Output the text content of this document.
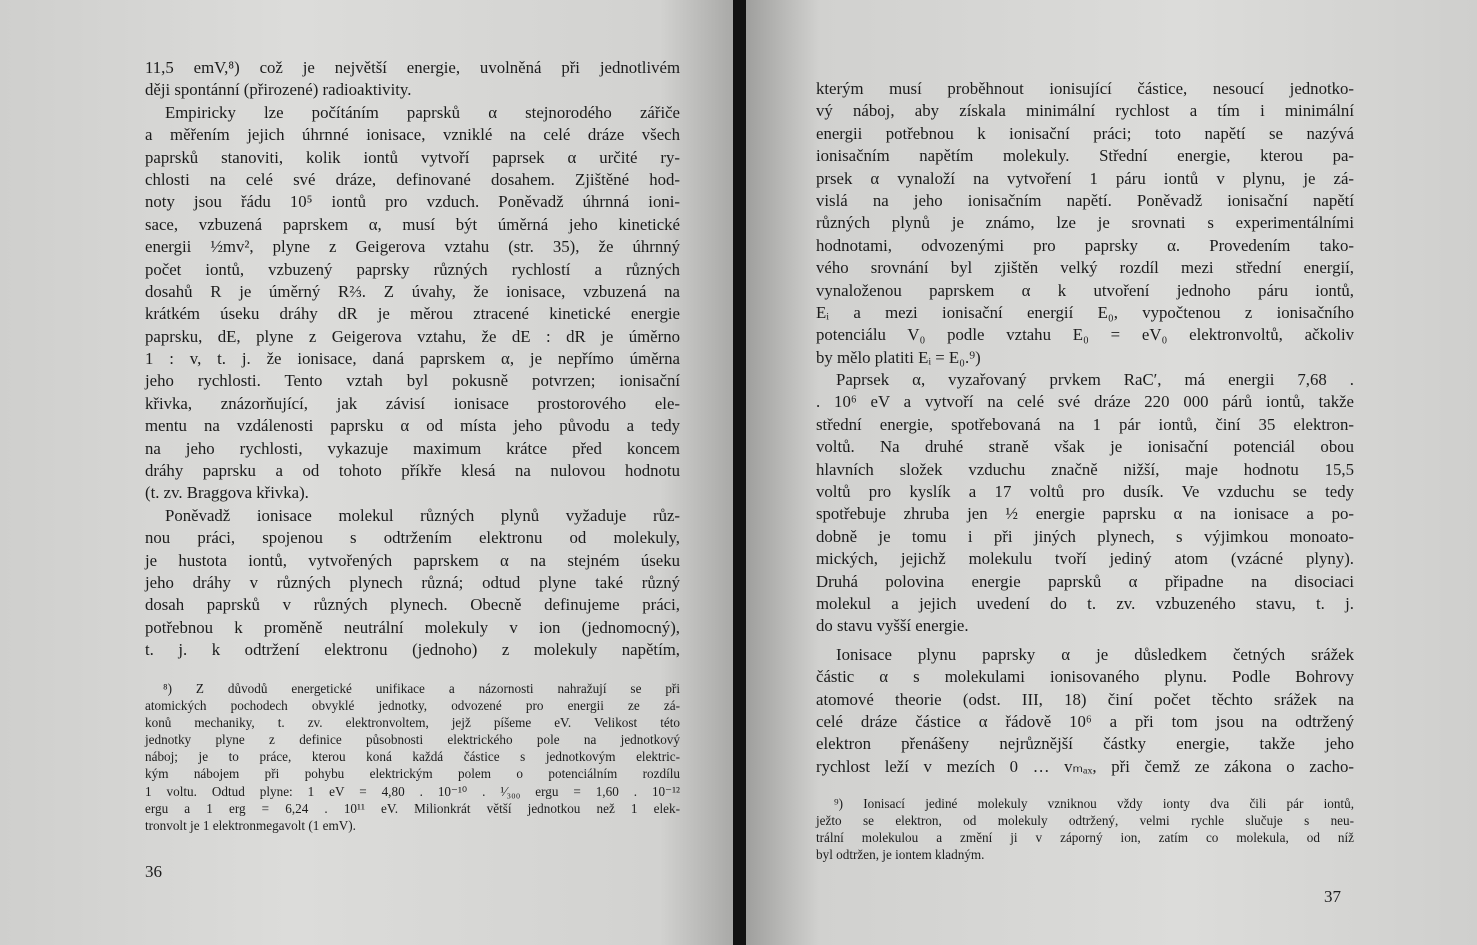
11,5 emV,⁸) což je největší energie, uvolněná při jednotlivém
ději spontánní (přirozené) radioaktivity.
Empiricky lze počítáním paprsků α stejnorodého zářiče
a měřením jejich úhrnné ionisace, vzniklé na celé dráze všech
paprsků stanoviti, kolik iontů vytvoří paprsek α určité ry-
chlosti na celé své dráze, definované dosahem. Zjištěné hod-
noty jsou řádu 10⁵ iontů pro vzduch. Poněvadž úhrnná ioni-
sace, vzbuzená paprskem α, musí být úměrná jeho kinetické
energii ½mv², plyne z Geigerova vztahu (str. 35), že úhrnný
počet iontů, vzbuzený paprsky různých rychlostí a různých
dosahů R je úměrný R⅔. Z úvahy, že ionisace, vzbuzená na
krátkém úseku dráhy dR je měrou ztracené kinetické energie
paprsku, dE, plyne z Geigerova vztahu, že dE : dR je úměrno
1 : v, t. j. že ionisace, daná paprskem α, je nepřímo úměrna
jeho rychlosti. Tento vztah byl pokusně potvrzen; ionisační
křivka, znázorňující, jak závisí ionisace prostorového ele-
mentu na vzdálenosti paprsku α od místa jeho původu a tedy
na jeho rychlosti, vykazuje maximum krátce před koncem
dráhy paprsku a od tohoto příkře klesá na nulovou hodnotu
(t. zv. Braggova křivka).
Poněvadž ionisace molekul různých plynů vyžaduje růz-
nou práci, spojenou s odtržením elektronu od molekuly,
je hustota iontů, vytvořených paprskem α na stejném úseku
jeho dráhy v různých plynech různá; odtud plyne také různý
dosah paprsků v různých plynech. Obecně definujeme práci,
potřebnou k proměně neutrální molekuly v ion (jednomocný),
t. j. k odtržení elektronu (jednoho) z molekuly napětím,
⁸) Z důvodů energetické unifikace a názornosti nahražují se při
atomických pochodech obvyklé jednotky, odvozené pro energii ze zá-
konů mechaniky, t. zv. elektronvoltem, jejž píšeme eV. Velikost této
jednotky plyne z definice působnosti elektrického pole na jednotkový
náboj; je to práce, kterou koná každá částice s jednotkovým elektric-
kým nábojem při pohybu elektrickým polem o potenciálním rozdílu
1 voltu. Odtud plyne: 1 eV = 4,80 . 10⁻¹⁰ . ¹⁄₃₀₀ ergu = 1,60 . 10⁻¹²
ergu a 1 erg = 6,24 . 10¹¹ eV. Milionkrát větší jednotkou než 1 elek-
tronvolt je 1 elektronmegavolt (1 emV).
36
kterým musí proběhnout ionisující částice, nesoucí jednotko-
vý náboj, aby získala minimální rychlost a tím i minimální
energii potřebnou k ionisační práci; toto napětí se nazývá
ionisačním napětím molekuly. Střední energie, kterou pa-
prsek α vynaloží na vytvoření 1 páru iontů v plynu, je zá-
vislá na jeho ionisačním napětí. Poněvadž ionisační napětí
různých plynů je známo, lze je srovnati s experimentálními
hodnotami, odvozenými pro paprsky α. Provedením tako-
vého srovnání byl zjištěn velký rozdíl mezi střední energií,
vynaloženou paprskem α k utvoření jednoho páru iontů,
Eᵢ a mezi ionisační energií E₀, vypočtenou z ionisačního
potenciálu V₀ podle vztahu E₀ = eV₀ elektronvoltů, ačkoliv
by mělo platiti Eᵢ = E₀.⁹)
Paprsek α, vyzařovaný prvkem RaC′, má energii 7,68 .
. 10⁶ eV a vytvoří na celé své dráze 220 000 párů iontů, takže
střední energie, spotřebovaná na 1 pár iontů, činí 35 elektron-
voltů. Na druhé straně však je ionisační potenciál obou
hlavních složek vzduchu značně nižší, maje hodnotu 15,5
voltů pro kyslík a 17 voltů pro dusík. Ve vzduchu se tedy
spotřebuje zhruba jen ½ energie paprsku α na ionisace a po-
dobně je tomu i při jiných plynech, s výjimkou monoato-
mických, jejichž molekulu tvoří jediný atom (vzácné plyny).
Druhá polovina energie paprsků α připadne na disociaci
molekul a jejich uvedení do t. zv. vzbuzeného stavu, t. j.
do stavu vyšší energie.
Ionisace plynu paprsky α je důsledkem četných srážek
částic α s molekulami ionisovaného plynu. Podle Bohrovy
atomové theorie (odst. III, 18) činí počet těchto srážek na
celé dráze částice α řádově 10⁶ a při tom jsou na odtržený
elektron přenášeny nejrůznější částky energie, takže jeho
rychlost leží v mezích 0 … vₘₐₓ, při čemž ze zákona o zacho-
⁹) Ionisací jediné molekuly vzniknou vždy ionty dva čili pár iontů,
ježto se elektron, od molekuly odtržený, velmi rychle slučuje s neu-
trální molekulou a změní ji v záporný ion, zatím co molekula, od níž
byl odtržen, je iontem kladným.
37
